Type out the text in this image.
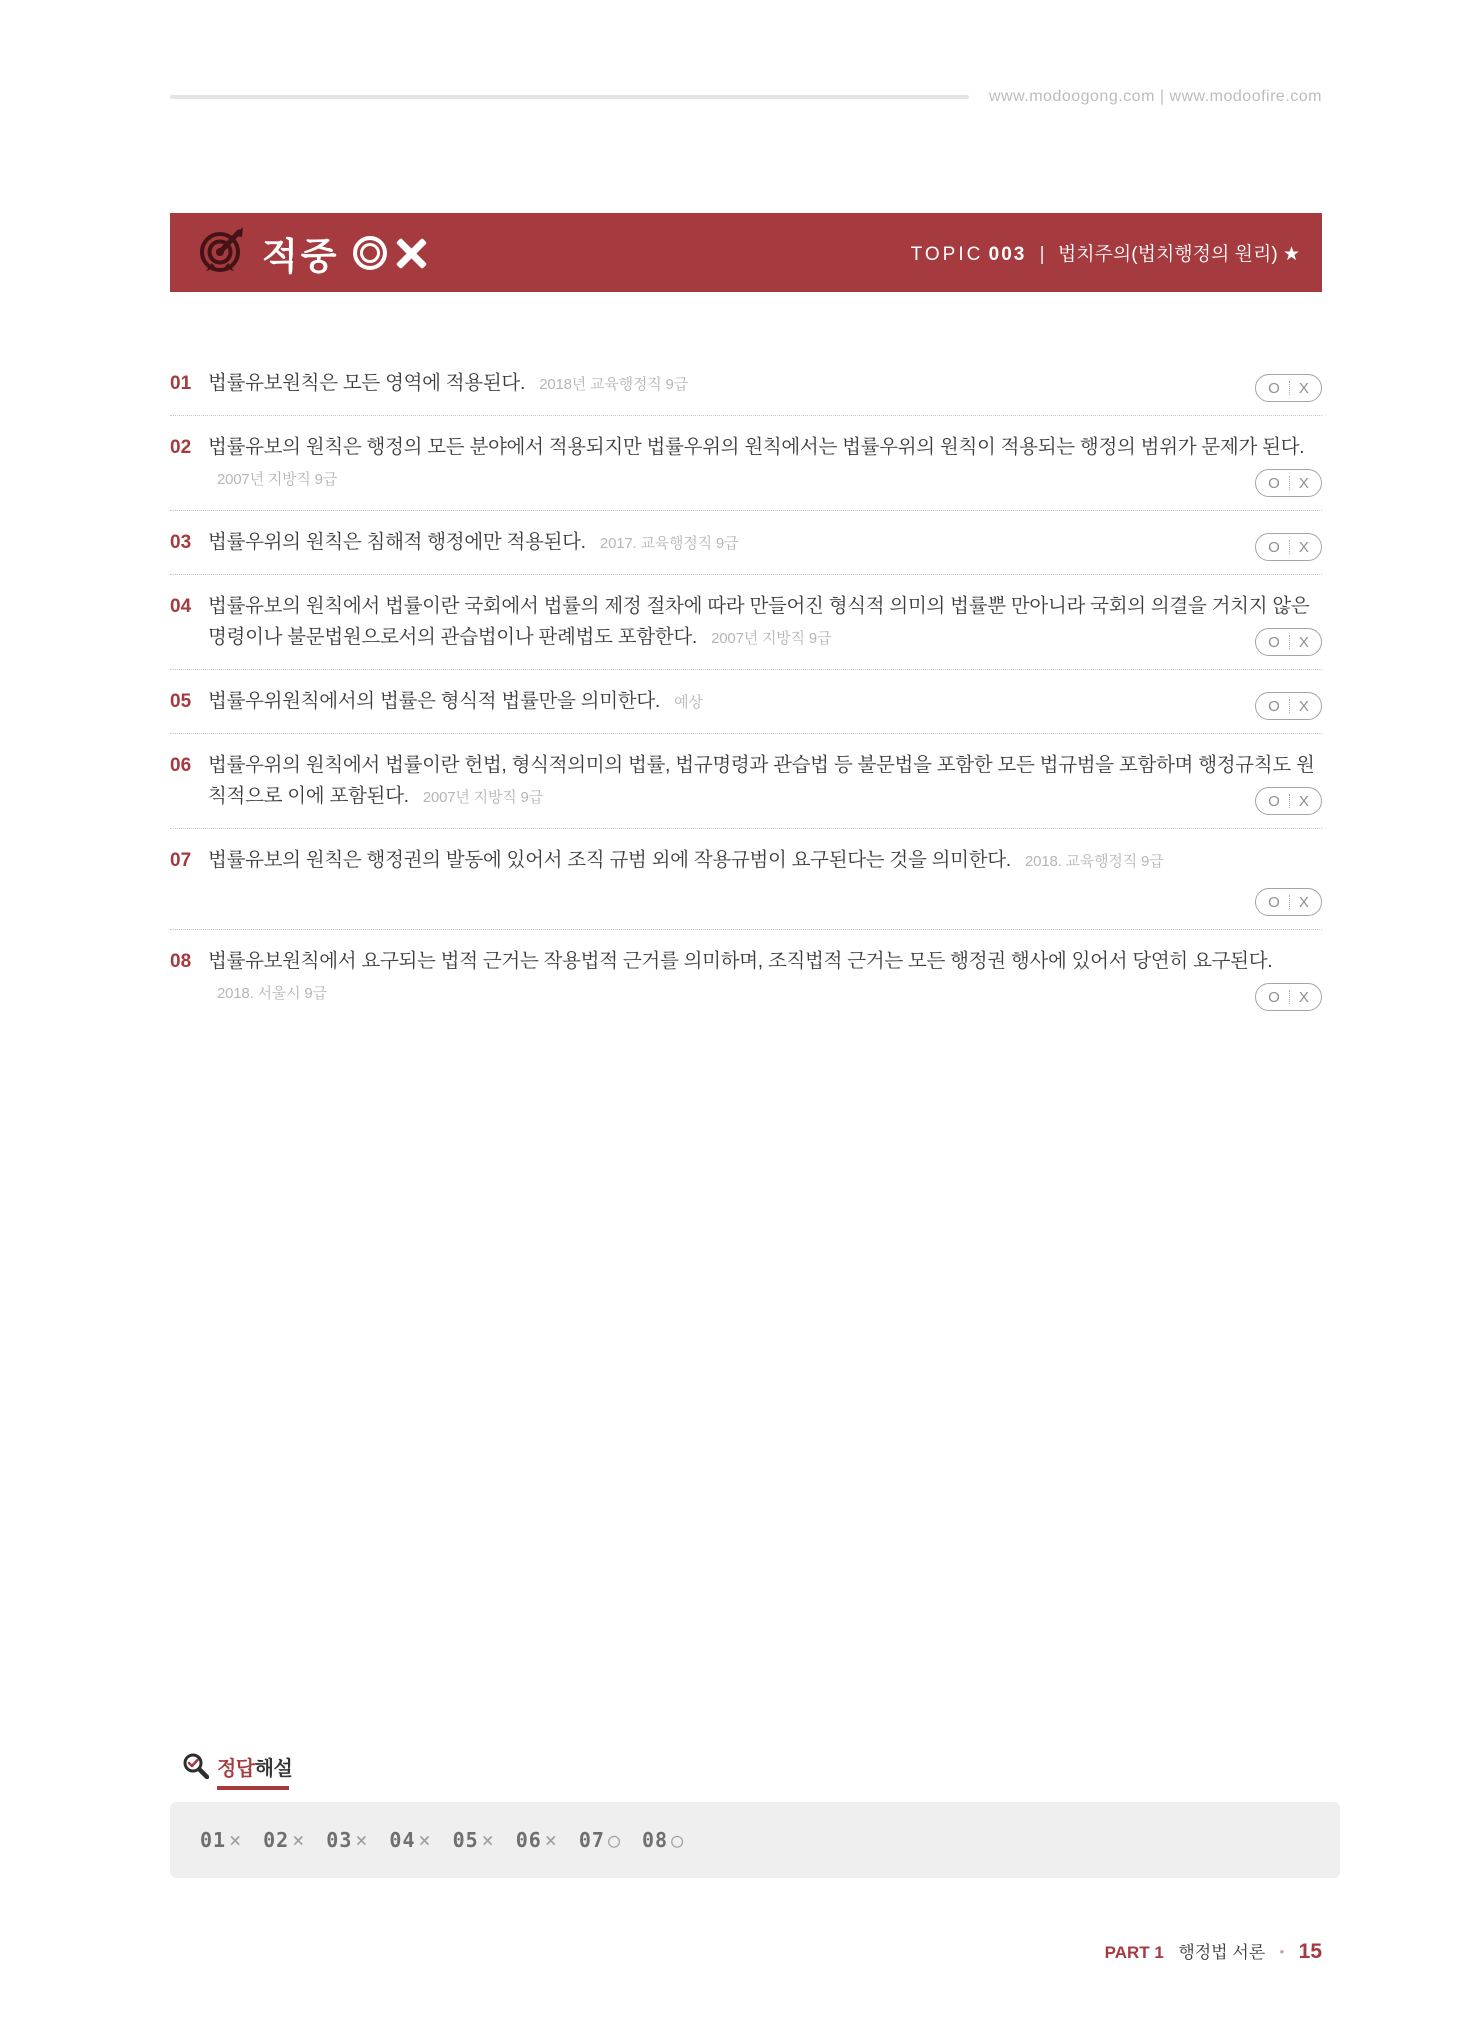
www.modoogong.com | www.modoofire.com
적중	TOPIC 003 | 법치주의(법치행정의 원리) ★
01 법률유보원칙은 모든 영역에 적용된다. 2018년 교육행정직 9급	O X
02 법률유보의 원칙은 행정의 모든 분야에서 적용되지만 법률우위의 원칙에서는 법률우위의 원칙이 적용되는 행정의 범위가 문제가 된다. 2007년 지방직 9급	O X
03 법률우위의 원칙은 침해적 행정에만 적용된다. 2017. 교육행정직 9급	O X
04 법률유보의 원칙에서 법률이란 국회에서 법률의 제정 절차에 따라 만들어진 형식적 의미의 법률뿐 만아니라 국회의 의결을 거치지 않은 명령이나 불문법원으로서의 관습법이나 판례법도 포함한다. 2007년 지방직 9급	O X
05 법률우위원칙에서의 법률은 형식적 법률만을 의미한다. 예상	O X
06 법률우위의 원칙에서 법률이란 헌법, 형식적의미의 법률, 법규명령과 관습법 등 불문법을 포함한 모든 법규범을 포함하며 행정규칙도 원칙적으로 이에 포함된다. 2007년 지방직 9급	O X
07 법률유보의 원칙은 행정권의 발동에 있어서 조직 규범 외에 작용규범이 요구된다는 것을 의미한다. 2018. 교육행정직 9급
O X
08 법률유보원칙에서 요구되는 법적 근거는 작용법적 근거를 의미하며, 조직법적 근거는 모든 행정권 행사에 있어서 당연히 요구된다. 2018. 서울시 9급	O X
정답해설
01 × 02 × 03 × 04 × 05 × 06 × 07 ○ 08 ○
PART 1 행정법 서론 • 15
